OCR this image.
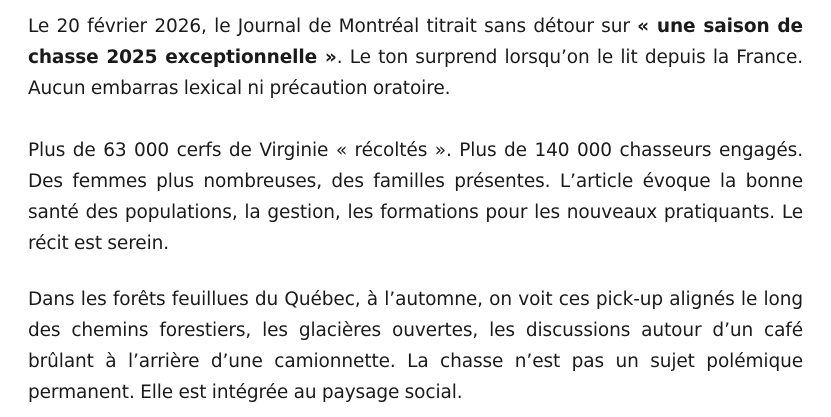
Le 20 février 2026, le Journal de Montréal titrait sans détour sur « une saison de chasse 2025 exceptionnelle ». Le ton surprend lorsqu’on le lit depuis la France. Aucun embarras lexical ni précaution oratoire.

Plus de 63 000 cerfs de Virginie « récoltés ». Plus de 140 000 chasseurs engagés. Des femmes plus nombreuses, des familles présentes. L’article évoque la bonne santé des populations, la gestion, les formations pour les nouveaux pratiquants. Le récit est serein.

Dans les forêts feuillues du Québec, à l’automne, on voit ces pick-up alignés le long des chemins forestiers, les glacières ouvertes, les discussions autour d’un café brûlant à l’arrière d’une camionnette. La chasse n’est pas un sujet polémique permanent. Elle est intégrée au paysage social.
